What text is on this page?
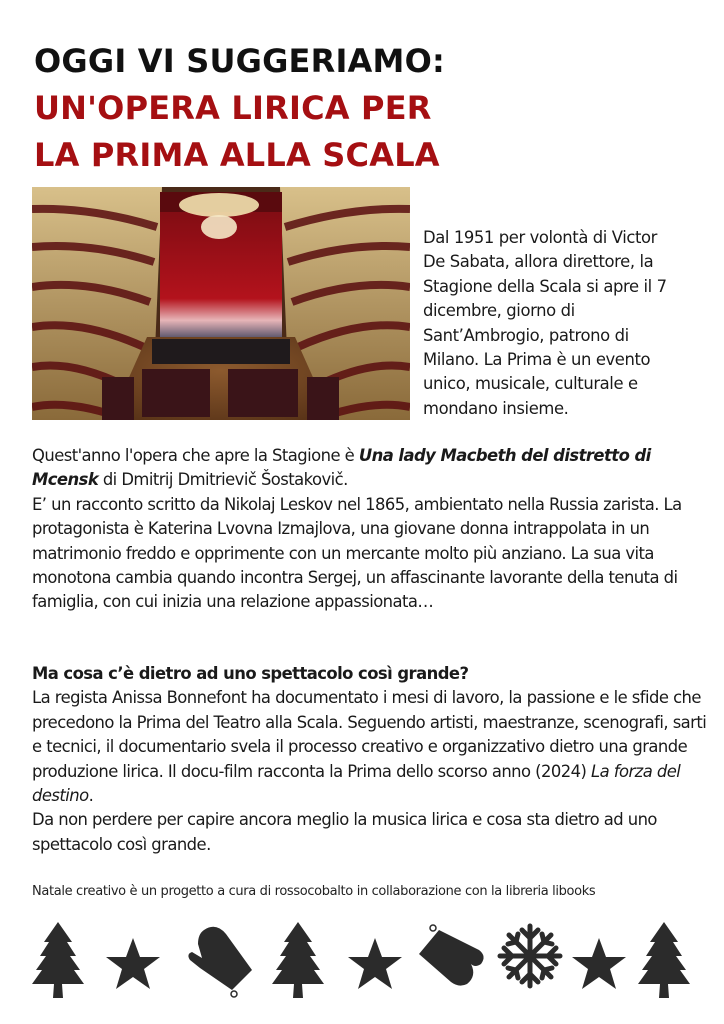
OGGI VI SUGGERIAMO:
UN'OPERA LIRICA PER
LA PRIMA ALLA SCALA
Dal 1951 per volontà di Victor
De Sabata, allora direttore, la
Stagione della Scala si apre il 7
dicembre, giorno di
Sant’Ambrogio, patrono di
Milano. La Prima è un evento
unico, musicale, culturale e
mondano insieme.
Quest'anno l'opera che apre la Stagione è Una lady Macbeth del distretto di Mcensk di Dmitrij Dmitrievič Šostakovič.
E’ un racconto scritto da Nikolaj Leskov nel 1865, ambientato nella Russia zarista. La protagonista è Katerina Lvovna Izmajlova, una giovane donna intrappolata in un matrimonio freddo e opprimente con un mercante molto più anziano. La sua vita monotona cambia quando incontra Sergej, un affascinante lavorante della tenuta di famiglia, con cui inizia una relazione appassionata…
Ma cosa c’è dietro ad uno spettacolo così grande?
La regista Anissa Bonnefont ha documentato i mesi di lavoro, la passione e le sfide che precedono la Prima del Teatro alla Scala. Seguendo artisti, maestranze, scenografi, sarti e tecnici, il documentario svela il processo creativo e organizzativo dietro una grande produzione lirica. Il docu-film racconta la Prima dello scorso anno (2024) La forza del destino.
Da non perdere per capire ancora meglio la musica lirica e cosa sta dietro ad uno spettacolo così grande.
Natale creativo è un progetto a cura di rossocobalto in collaborazione con la libreria libooks
